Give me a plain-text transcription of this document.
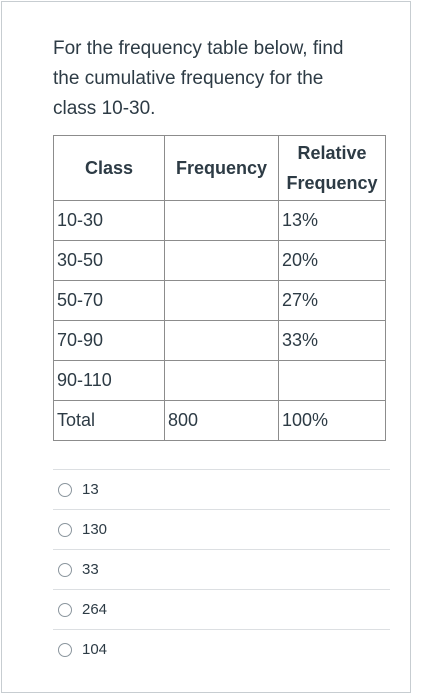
For the frequency table below, find
the cumulative frequency for the
class 10-30.

Class	Frequency	Relative
Frequency
10-30		13%
30-50		20%
50-70		27%
70-90		33%
90-110		
Total	800	100%
13
130
33
264
104
